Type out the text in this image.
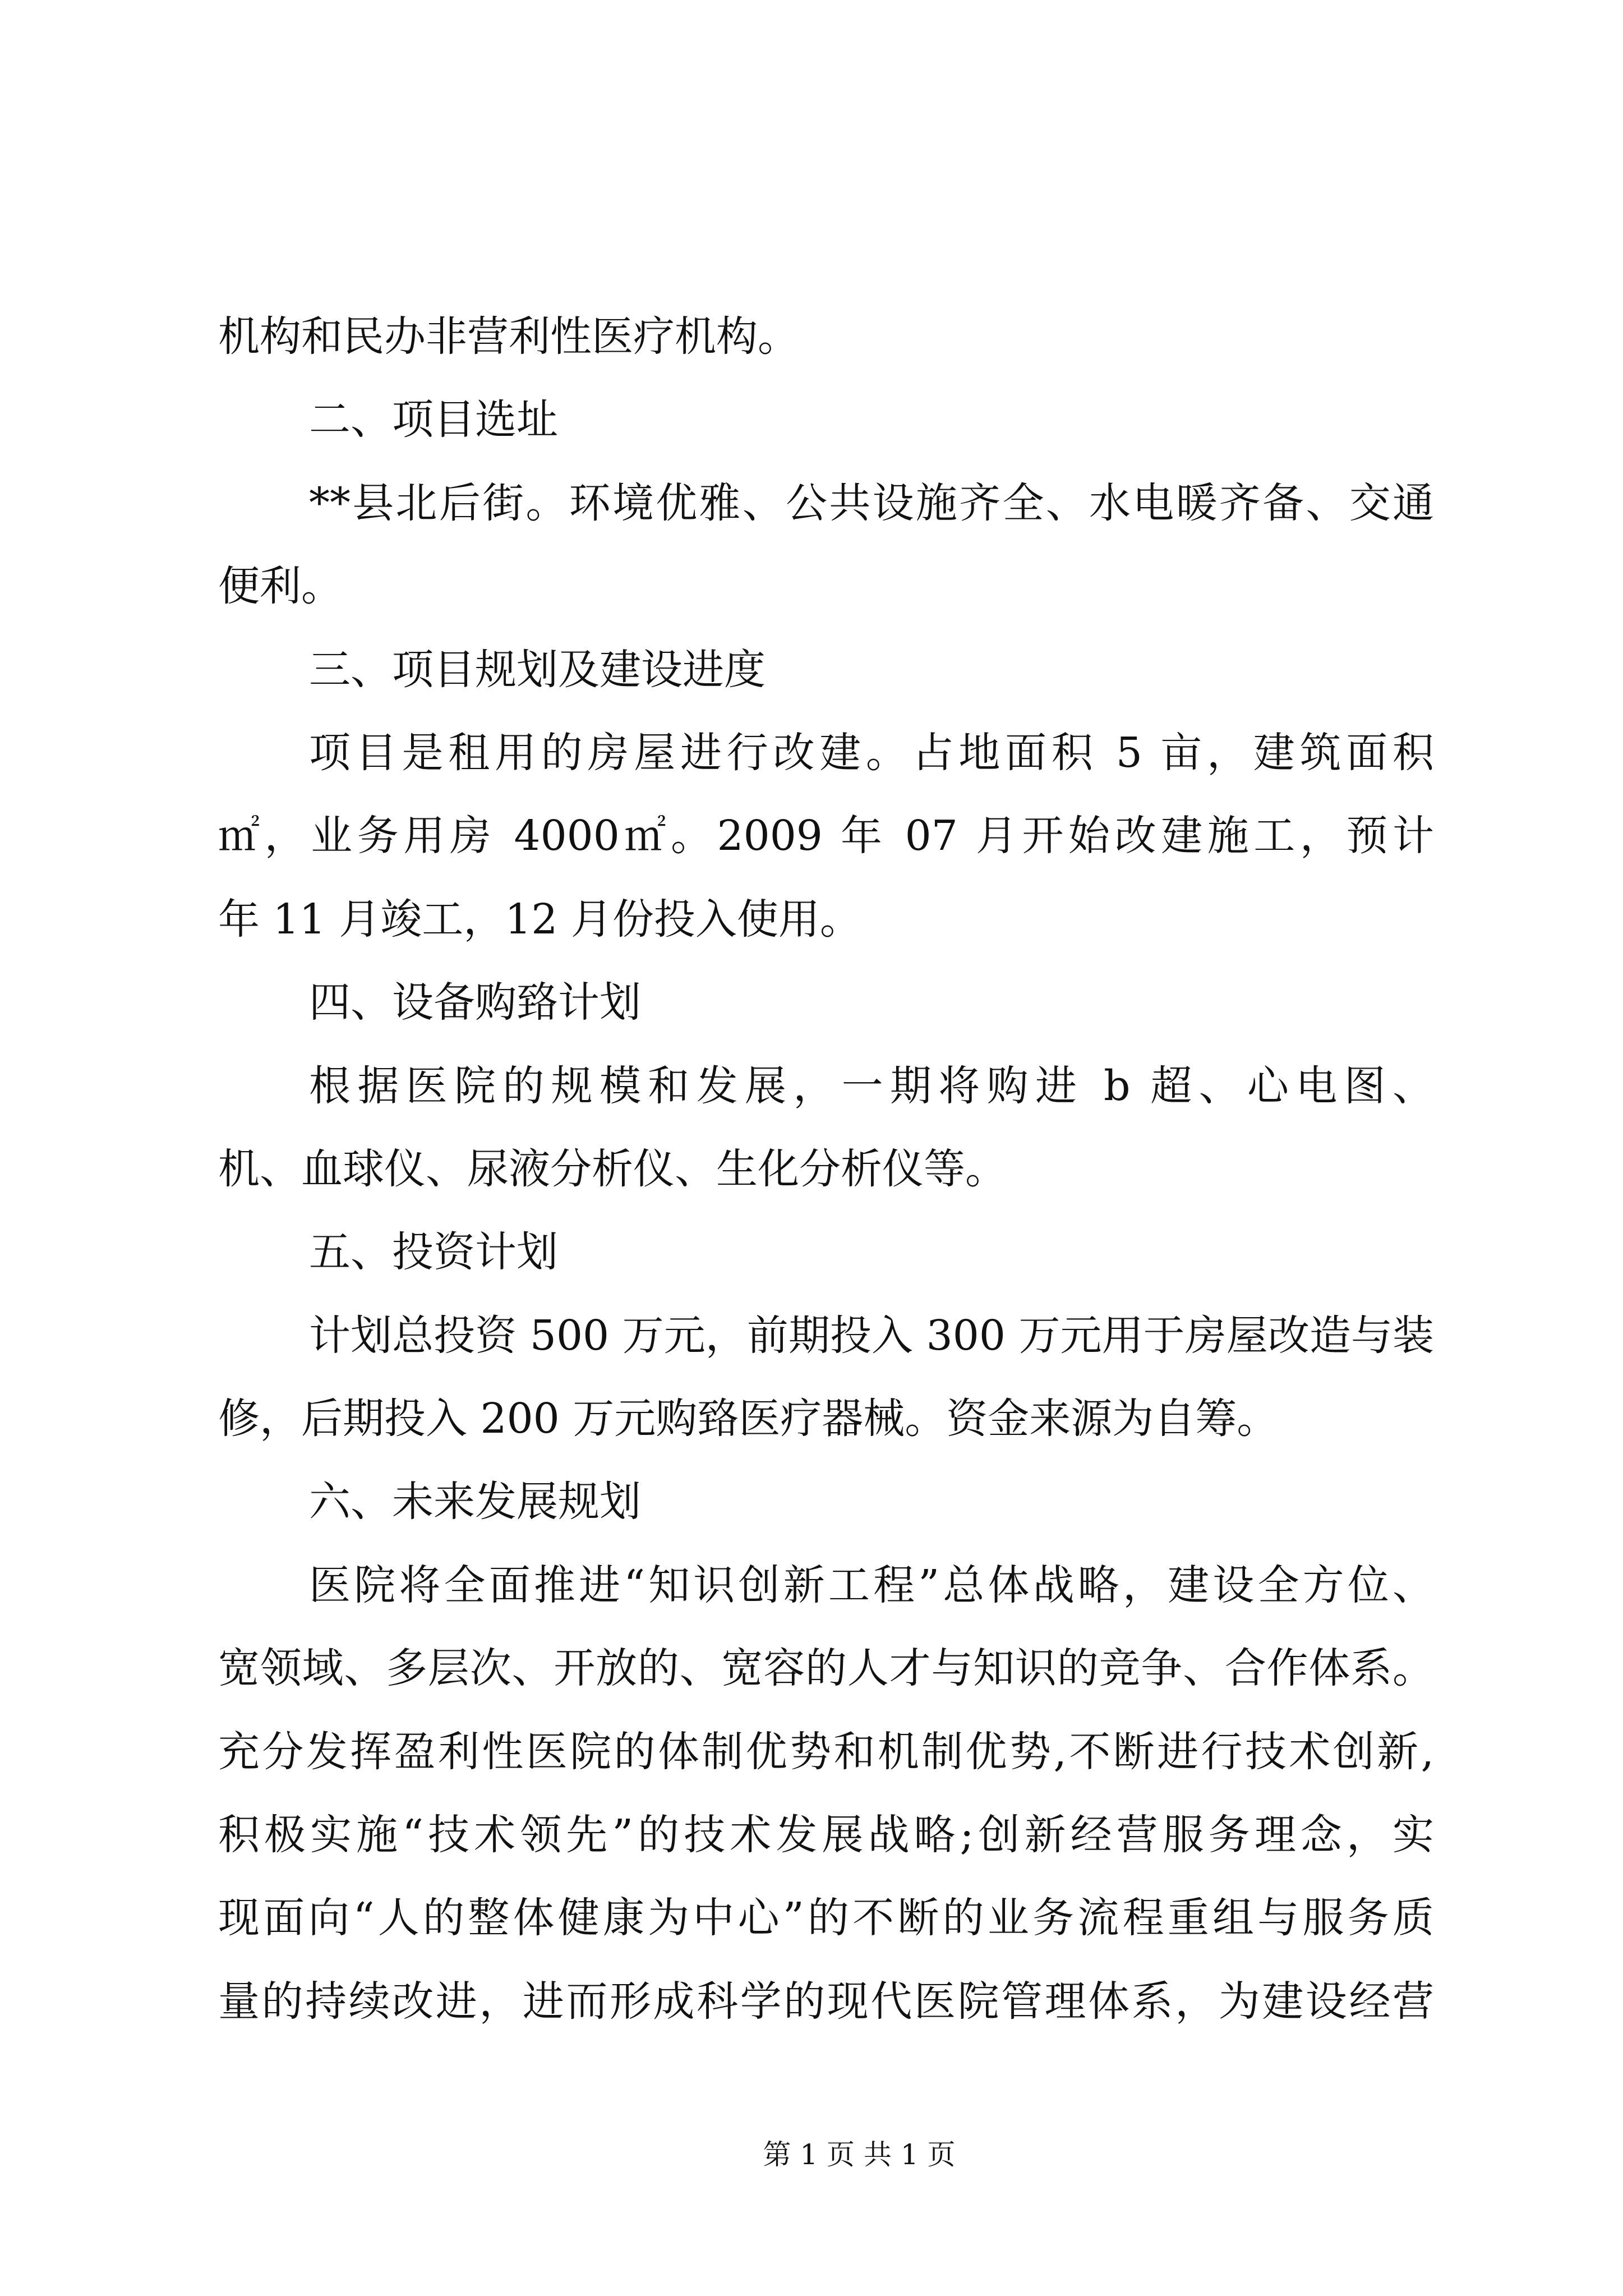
机构和民办非营利性医疗机构。
二、项目选址
**县北后街。环境优雅、公共设施齐全、水电暖齐备、交通
便利。
三、项目规划及建设进度
项目是租用的房屋进行改建。占地面积 5 亩，建筑面积
㎡，业务用房 4000㎡。2009 年 07 月开始改建施工，预计
年 11 月竣工，12 月份投入使用。
四、设备购臵计划
根据医院的规模和发展，一期将购进 b 超、心电图、
机、血球仪、尿液分析仪、生化分析仪等。
五、投资计划
计划总投资 500 万元，前期投入 300 万元用于房屋改造与装
修，后期投入 200 万元购臵医疗器械。资金来源为自筹。
六、未来发展规划
医院将全面推进“知识创新工程”总体战略，建设全方位、
宽领域、多层次、开放的、宽容的人才与知识的竞争、合作体系。
充分发挥盈利性医院的体制优势和机制优势,不断进行技术创新,
积极实施“技术领先”的技术发展战略;创新经营服务理念，实
现面向“人的整体健康为中心”的不断的业务流程重组与服务质
量的持续改进，进而形成科学的现代医院管理体系，为建设经营
第 1 页 共 1 页
